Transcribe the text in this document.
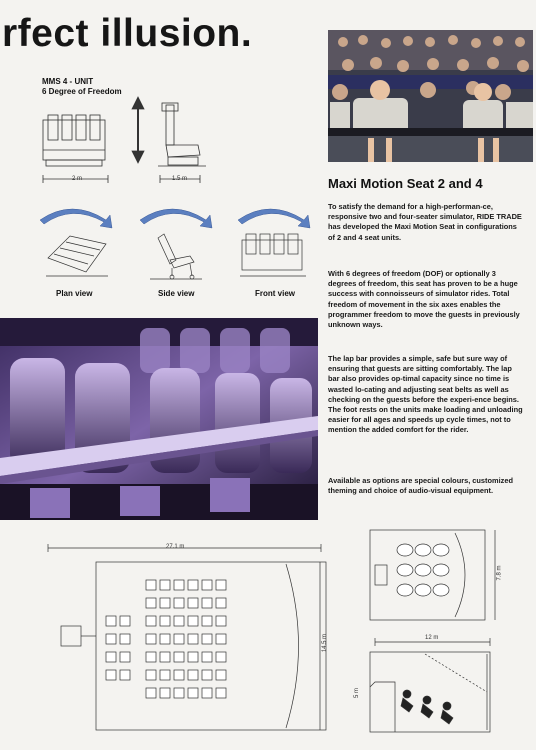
rfect illusion.
MMS 4 - UNIT
6 Degree of Freedom
2 m	1.5 m
Plan view	Side view	Front view
Maxi Motion Seat 2 and 4
To satisfy the demand for a high-performan-ce, responsive two and four-seater simulator, RIDE TRADE has developed the Maxi Motion Seat in configurations of 2 and 4 seat units.
With 6 degrees of freedom (DOF) or optionally 3 degrees of freedom, this seat has proven to be a huge success with connoisseurs of simulator rides. Total freedom of movement in the six axes enables the programmer freedom to move the guests in previously unknown ways.
The lap bar provides a simple, safe but sure way of ensuring that guests are sitting comfortably. The lap bar also provides op-timal capacity since no time is wasted lo-cating and adjusting seat belts as well as checking on the guests before the experi-ence begins. The foot rests on the units make loading and unloading easier for all ages and speeds up cycle times, not to mention the added comfort for the rider.
Available as options are special colours, customized theming and choice of audio-visual equipment.
27.1 m
14.5 m
7.8 m
12 m
5 m
